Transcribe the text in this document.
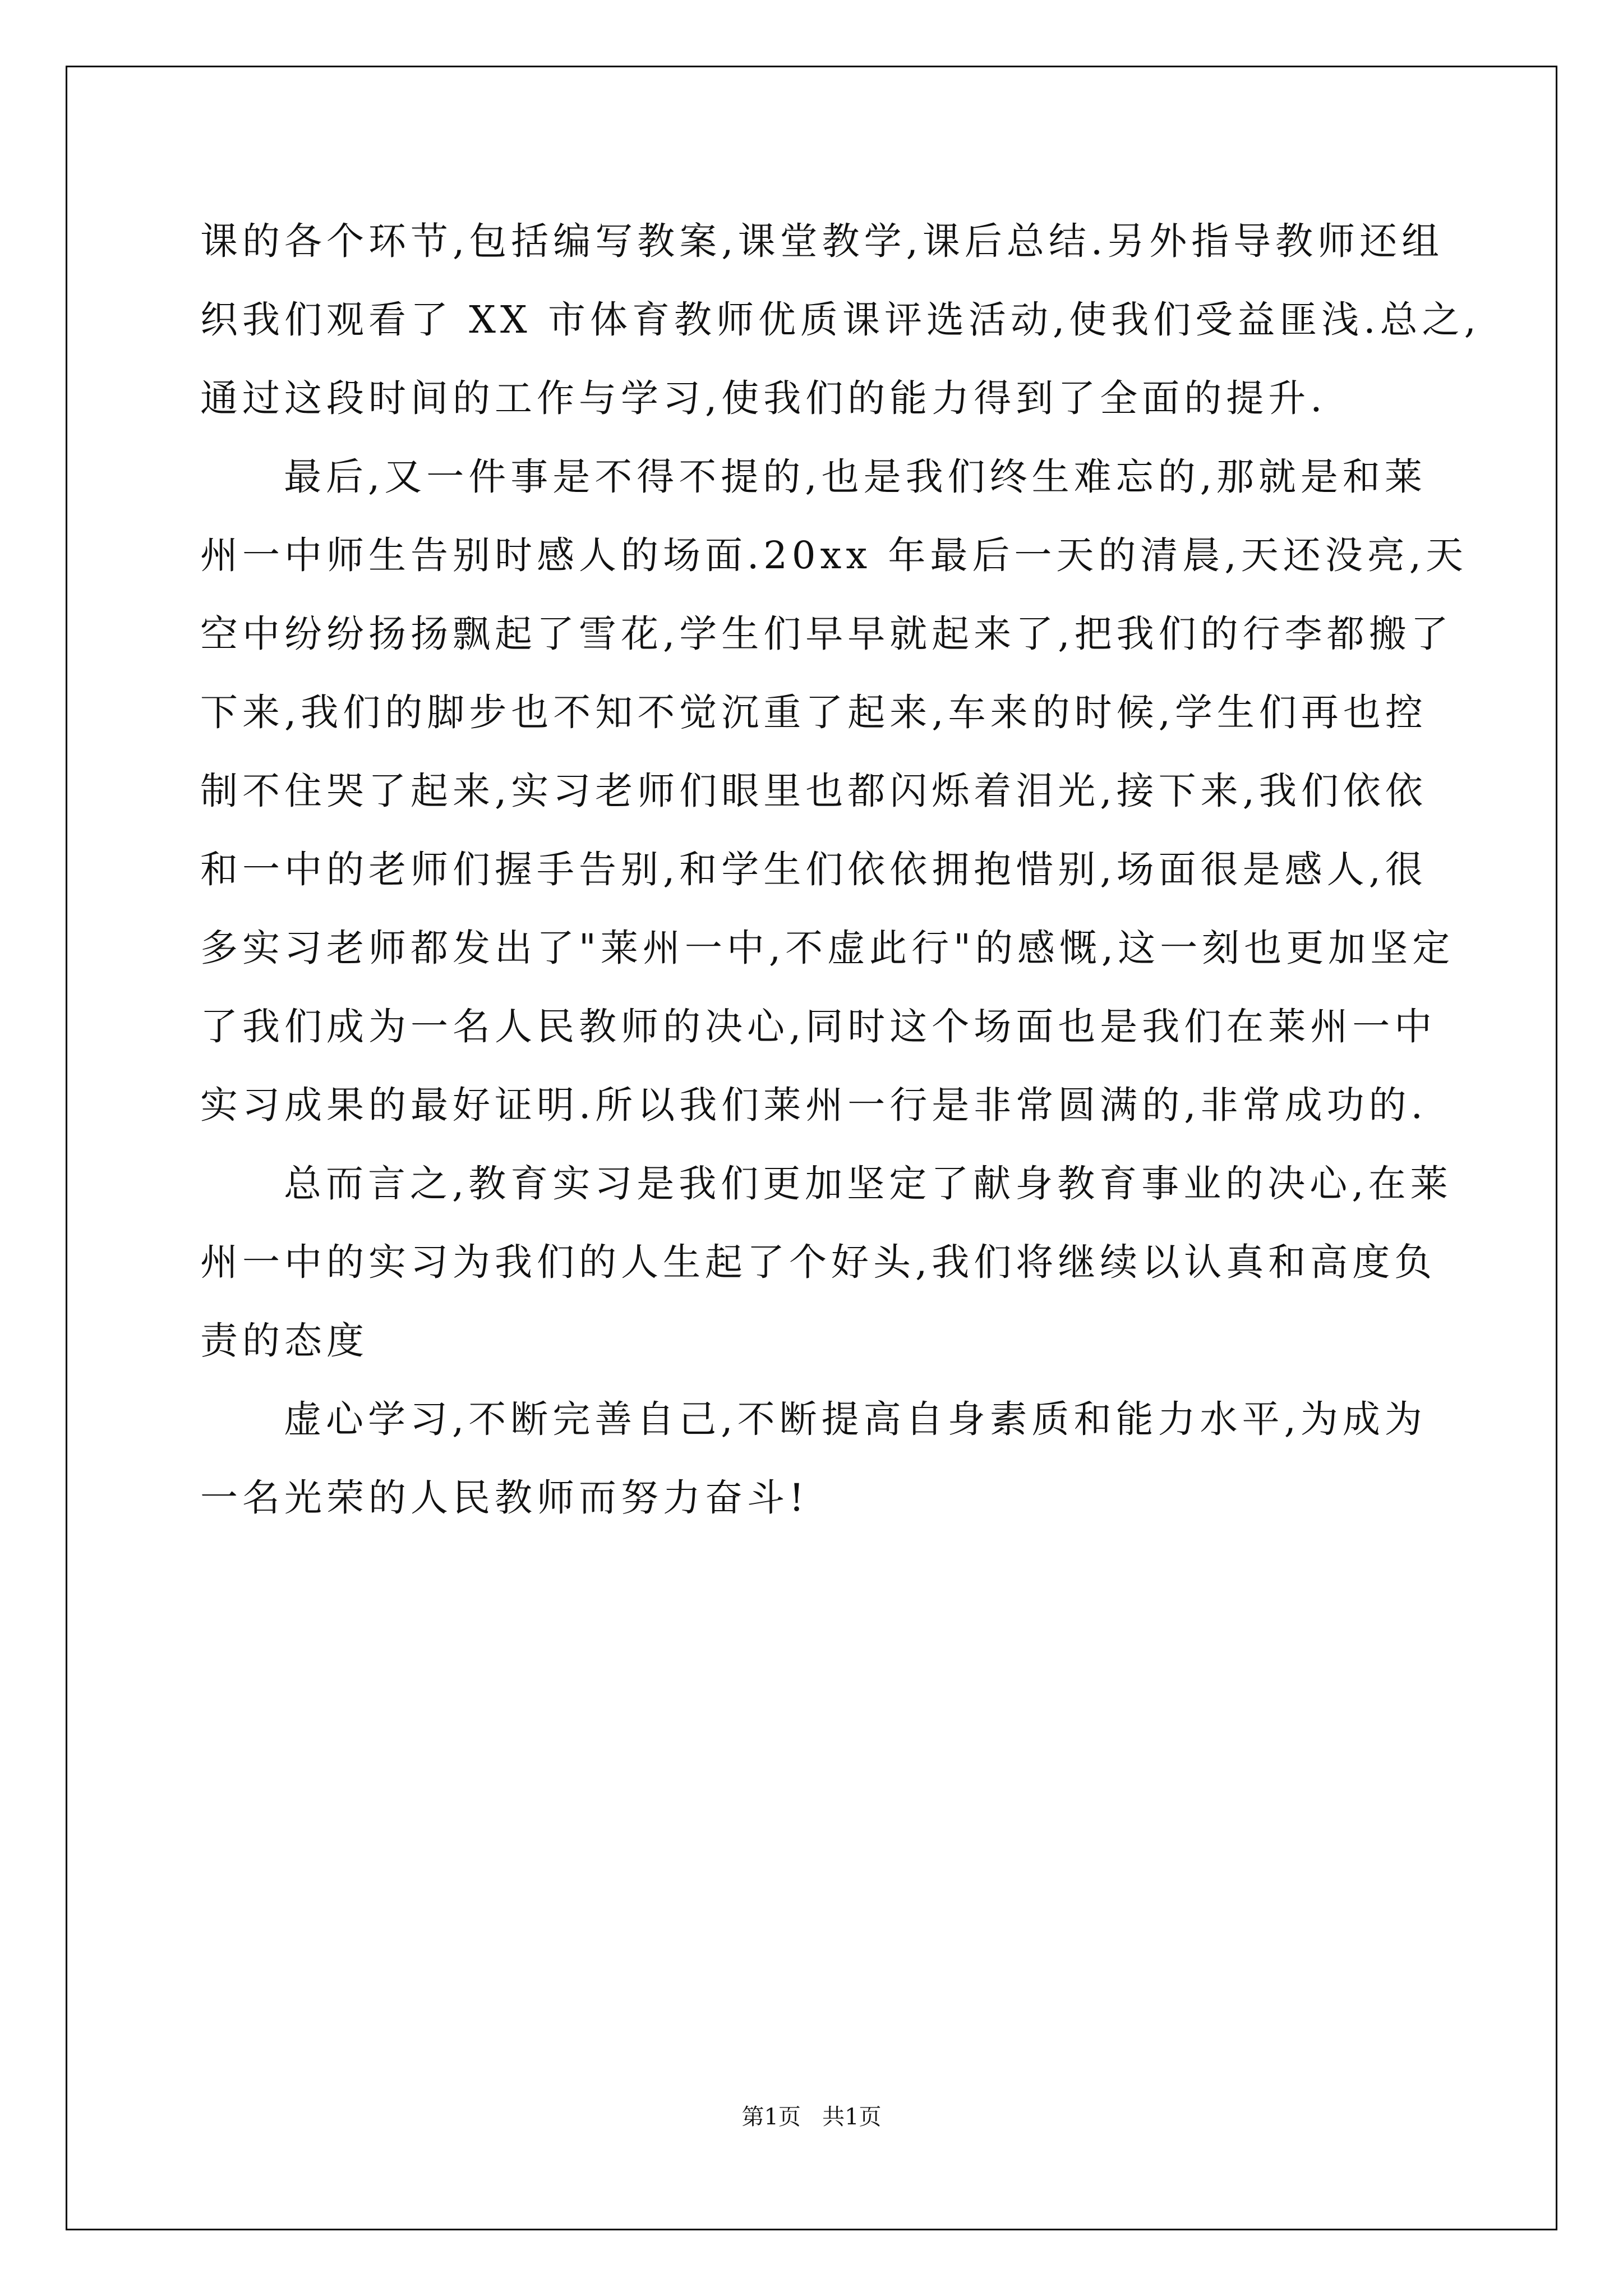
课的各个环节,包括编写教案,课堂教学,课后总结.另外指导教师还组
织我们观看了 XX 市体育教师优质课评选活动,使我们受益匪浅.总之,
通过这段时间的工作与学习,使我们的能力得到了全面的提升.
最后,又一件事是不得不提的,也是我们终生难忘的,那就是和莱
州一中师生告别时感人的场面.20xx 年最后一天的清晨,天还没亮,天
空中纷纷扬扬飘起了雪花,学生们早早就起来了,把我们的行李都搬了
下来,我们的脚步也不知不觉沉重了起来,车来的时候,学生们再也控
制不住哭了起来,实习老师们眼里也都闪烁着泪光,接下来,我们依依
和一中的老师们握手告别,和学生们依依拥抱惜别,场面很是感人,很
多实习老师都发出了"莱州一中,不虚此行"的感慨,这一刻也更加坚定
了我们成为一名人民教师的决心,同时这个场面也是我们在莱州一中
实习成果的最好证明.所以我们莱州一行是非常圆满的,非常成功的.
总而言之,教育实习是我们更加坚定了献身教育事业的决心,在莱
州一中的实习为我们的人生起了个好头,我们将继续以认真和高度负
责的态度
虚心学习,不断完善自己,不断提高自身素质和能力水平,为成为
一名光荣的人民教师而努力奋斗!
第1页 共1页
